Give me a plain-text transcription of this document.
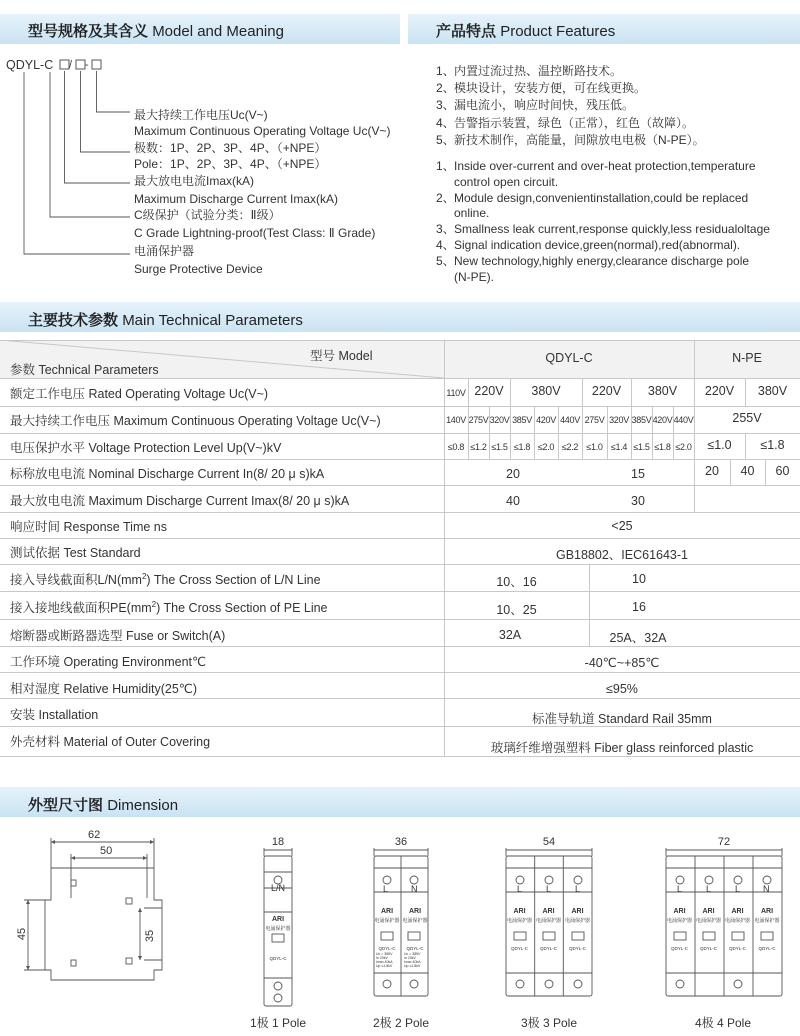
型号规格及其含义 Model and Meaning
QDYL-C / -
最大持续工作电压Uc(V~)
Maximum Continuous Operating Voltage Uc(V~)
极数：1P、2P、3P、4P、（+NPE）
Pole：1P、2P、3P、4P、（+NPE）
最大放电电流Imax(kA)
Maximum Discharge Current Imax(kA)
C级保护（试验分类：Ⅱ级）
C Grade Lightning-proof(Test Class: Ⅱ Grade)
电涌保护器
Surge Protective Device
产品特点 Product Features
1、内置过流过热、温控断路技术。
2、模块设计，安装方便，可在线更换。
3、漏电流小，响应时间快，残压低。
4、告警指示装置，绿色（正常），红色（故障）。
5、新技术制作，高能量，间隙放电电极（N-PE）。
1、Inside over-current and over-heat protection,temperature
control open circuit.
2、Module design,convenientinstallation,could be replaced
online.
3、Smallness leak current,response quickly,less residualoltage
4、Signal indication device,green(normal),red(abnormal).
5、New technology,highly energy,clearance discharge pole
(N-PE).
主要技术参数 Main Technical Parameters
型号 Model
参数 Technical Parameters
QDYL-C	N-PE
额定工作电压 Rated Operating Voltage Uc(V~)	110V 220V	380V	220V	380V	220V	380V
最大持续工作电压 Maximum Continuous Operating Voltage Uc(V~)	140V 275V 320V 385V 420V 440V 275V 320V 385V 420V 440V	255V
电压保护水平 Voltage Protection Level Up(V~)kV	≤0.8 ≤1.2 ≤1.5 ≤1.8 ≤2.0 ≤2.2 ≤1.0 ≤1.4 ≤1.5 ≤1.8 ≤2.0	≤1.0	≤1.8
标称放电电流 Nominal Discharge Current In(8/ 20 μ s)kA	20	15	20	40	60
最大放电电流 Maximum Discharge Current Imax(8/ 20 μ s)kA	40	30
响应时间 Response Time ns	<25
测试依据 Test Standard	GB18802、IEC61643-1
接入导线截面积$L/N(mm^2)$ The Cross Section of L/N Line	10、16	10
接入接地线截面积$PE(mm^2)$ The Cross Section of PE Line	10、25	16
熔断器或断路器选型 Fuse or Switch(A)	32A	25A、32A
工作环境 Operating Environment℃	-40℃~+85℃
相对湿度 Relative Humidity(25℃)	≤95%
安装 Installation	标准导轨道 Standard Rail 35mm
外壳材料 Material of Outer Covering	玻璃纤维增强塑料 Fiber glass reinforced plastic
外型尺寸图 Dimension
62
50
45	35
18
L/N
ARI
电涌保护器
QDYL-C
1极 1 Pole
36
L	N
ARI	ARI
电涌保护器 电涌保护器
QDYL-C	QDYL-C
Uc = 385V
In 20kV
Imax 40kA
Up ≤1.8kV
Uc = 385V
In 20kV
Imax 40kA
Up ≤1.8kV
2极 2 Pole
54
L	L	L
ARI	ARI	ARI
电涌保护器 电涌保护器 电涌保护器
QDYL-C	QDYL-C	QDYL-C
3极 3 Pole
72
L	L	L	N
ARI	ARI	ARI	ARI
电涌保护器 电涌保护器 电涌保护器 电涌保护器
QDYL-C	QDYL-C	QDYL-C	QDYL-C
4极 4 Pole
